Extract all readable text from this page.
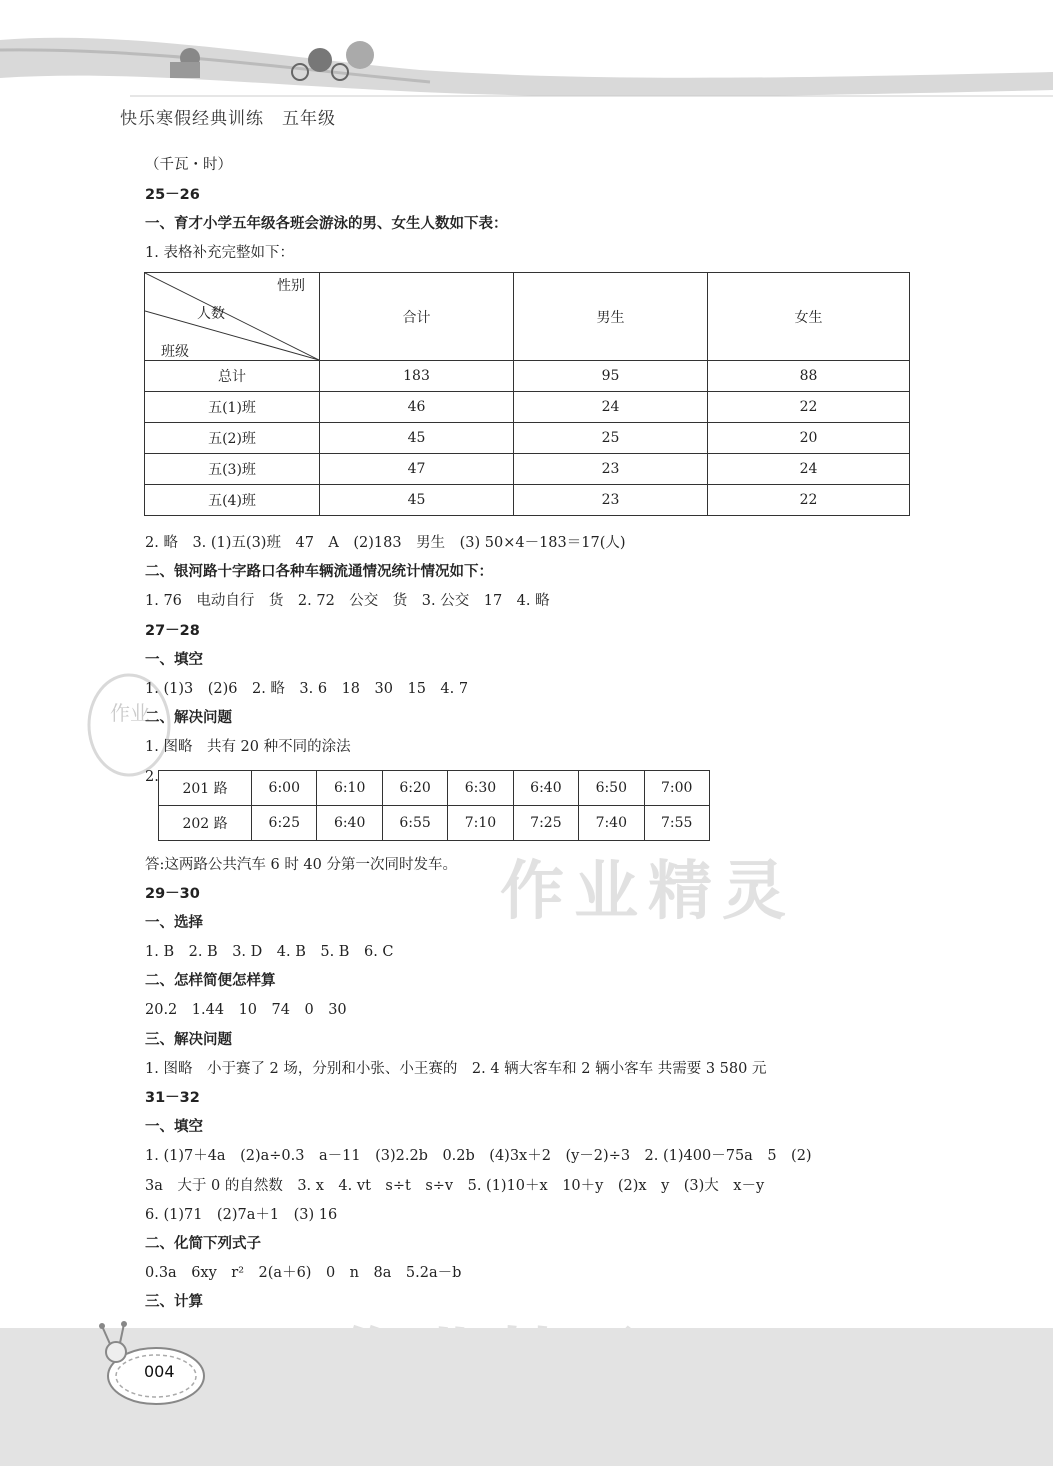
快乐寒假经典训练　五年级
作业精灵
作业
（千瓦・时）
25－26
一、育才小学五年级各班会游泳的男、女生人数如下表：
1. 表格补充完整如下：
性别
人数
班级	合计	男生	女生
总计	183	95	88
五(1)班	46	24	22
五(2)班	45	25	20
五(3)班	47	23	24
五(4)班	45	23	22
2. 略　3. (1)五(3)班　47　A　(2)183　男生　(3) 50×4－183＝17(人)
二、银河路十字路口各种车辆流通情况统计情况如下：
1. 76　电动自行　货　2. 72　公交　货　3. 公交　17　4. 略
27－28
一、填空
1. (1)3　(2)6　2. 略　3. 6　18　30　15　4. 7
二、解决问题
1. 图略　共有 20 种不同的涂法
2.
201 路	6:00	6:10	6:20	6:30	6:40	6:50	7:00
202 路	6:25	6:40	6:55	7:10	7:25	7:40	7:55
答:这两路公共汽车 6 时 40 分第一次同时发车。
29－30
一、选择
1. B　2. B　3. D　4. B　5. B　6. C
二、怎样简便怎样算
20.2　1.44　10　74　0　30
三、解决问题
1. 图略　小于赛了 2 场，分别和小张、小王赛的　2. 4 辆大客车和 2 辆小客车 共需要 3 580 元
31－32
一、填空
1. (1)7＋4a　(2)a÷0.3　a－11　(3)2.2b　0.2b　(4)3x＋2　(y－2)÷3　2. (1)400－75a　5　(2)
3a　大于 0 的自然数　3. x　4. vt　s÷t　s÷v　5. (1)10＋x　10＋y　(2)x　y　(3)大　x－y
6. (1)71　(2)7a＋1　(3) 16
二、化简下列式子
0.3a　6xy　r²　2(a＋6)　0　n　8a　5.2a－b
三、计算
004
